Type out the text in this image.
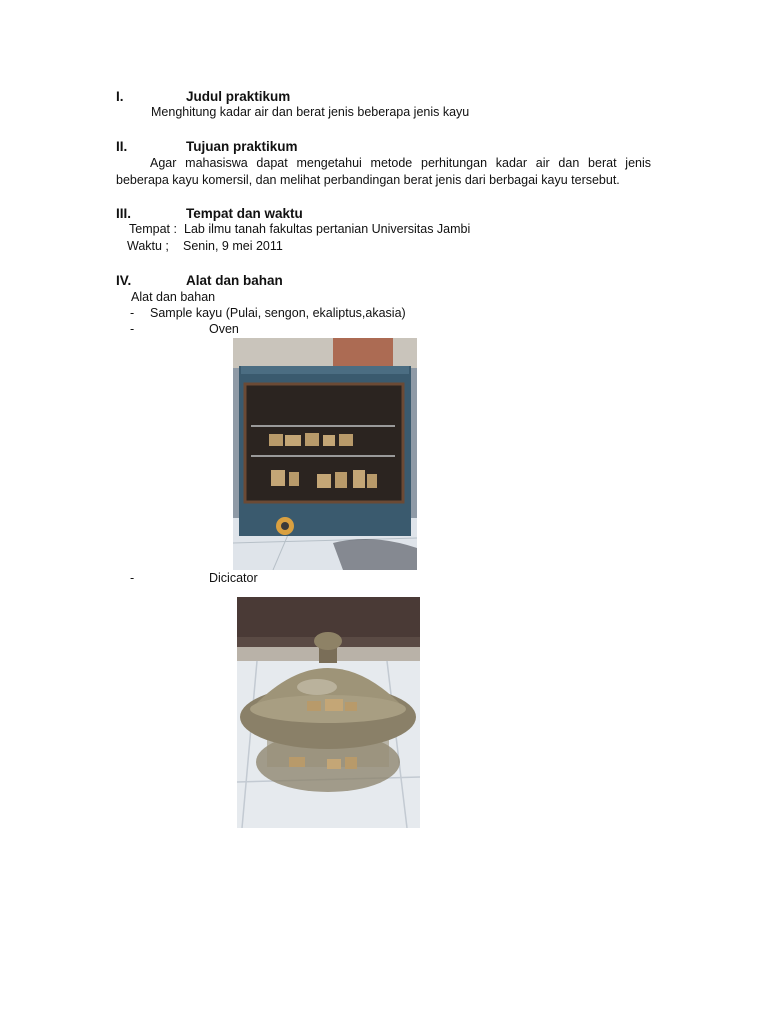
I.	Judul praktikum
Menghitung kadar air dan berat jenis beberapa jenis kayu
II.	Tujuan praktikum
Agar mahasiswa dapat mengetahui metode perhitungan kadar air dan berat jenis beberapa kayu komersil, dan melihat perbandingan berat jenis dari berbagai kayu tersebut.
III.	Tempat dan waktu
Tempat : Lab ilmu tanah fakultas pertanian Universitas Jambi
Waktu ; Senin, 9 mei 2011
IV.	Alat dan bahan
Alat dan bahan
- Sample kayu (Pulai, sengon, ekaliptus,akasia)
-	Oven
-	Dicicator
